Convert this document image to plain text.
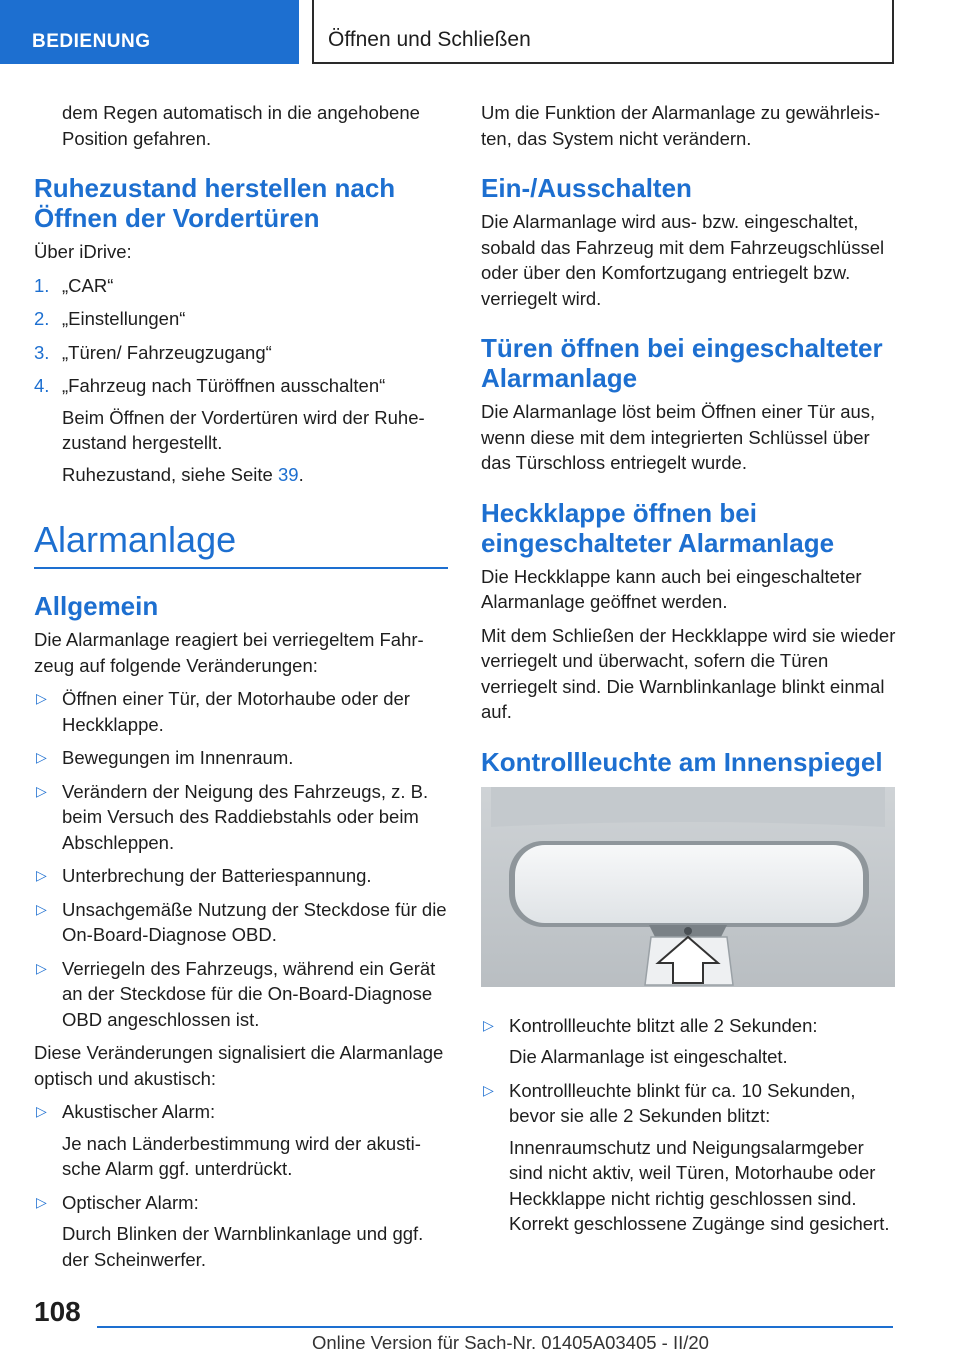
BEDIENUNG	Öffnen und Schließen

dem Regen automatisch in die angehobene Position gefahren.

Ruhezustand herstellen nach Öffnen der Vordertüren

Über iDrive:

1. „CAR“
2. „Einstellungen“
3. „Türen/ Fahrzeugzugang“
4. „Fahrzeug nach Türöffnen ausschalten“
Beim Öffnen der Vordertüren wird der Ruhezustand hergestellt.
Ruhezustand, siehe Seite 39.
Alarmanlage
Allgemein

Die Alarmanlage reagiert bei verriegeltem Fahrzeug auf folgende Veränderungen:

▷ Öffnen einer Tür, der Motorhaube oder der Heckklappe.
▷ Bewegungen im Innenraum.
▷ Verändern der Neigung des Fahrzeugs, z. B. beim Versuch des Raddiebstahls oder beim Abschleppen.
▷ Unterbrechung der Batteriespannung.
▷ Unsachgemäße Nutzung der Steckdose für die On-Board-Diagnose OBD.
▷ Verriegeln des Fahrzeugs, während ein Gerät an der Steckdose für die On-Board-Diagnose OBD angeschlossen ist.

Diese Veränderungen signalisiert die Alarmanlage optisch und akustisch:

▷ Akustischer Alarm:
Je nach Länderbestimmung wird der akustische Alarm ggf. unterdrückt.
▷ Optischer Alarm:
Durch Blinken der Warnblinkanlage und ggf. der Scheinwerfer.

Um die Funktion der Alarmanlage zu gewährleisten, das System nicht verändern.

Ein-/Ausschalten

Die Alarmanlage wird aus- bzw. eingeschaltet, sobald das Fahrzeug mit dem Fahrzeugschlüssel oder über den Komfortzugang entriegelt bzw. verriegelt wird.

Türen öffnen bei eingeschalteter Alarmanlage

Die Alarmanlage löst beim Öffnen einer Tür aus, wenn diese mit dem integrierten Schlüssel über das Türschloss entriegelt wurde.

Heckklappe öffnen bei eingeschalteter Alarmanlage

Die Heckklappe kann auch bei eingeschalteter Alarmanlage geöffnet werden.

Mit dem Schließen der Heckklappe wird sie wieder verriegelt und überwacht, sofern die Türen verriegelt sind. Die Warnblinkanlage blinkt einmal auf.

Kontrollleuchte am Innenspiegel
▷ Kontrollleuchte blitzt alle 2 Sekunden:
Die Alarmanlage ist eingeschaltet.
▷ Kontrollleuchte blinkt für ca. 10 Sekunden, bevor sie alle 2 Sekunden blitzt:
Innenraumschutz und Neigungsalarmgeber sind nicht aktiv, weil Türen, Motorhaube oder Heckklappe nicht richtig geschlossen sind. Korrekt geschlossene Zugänge sind gesichert.
108
Online Version für Sach-Nr. 01405A03405 - II/20
